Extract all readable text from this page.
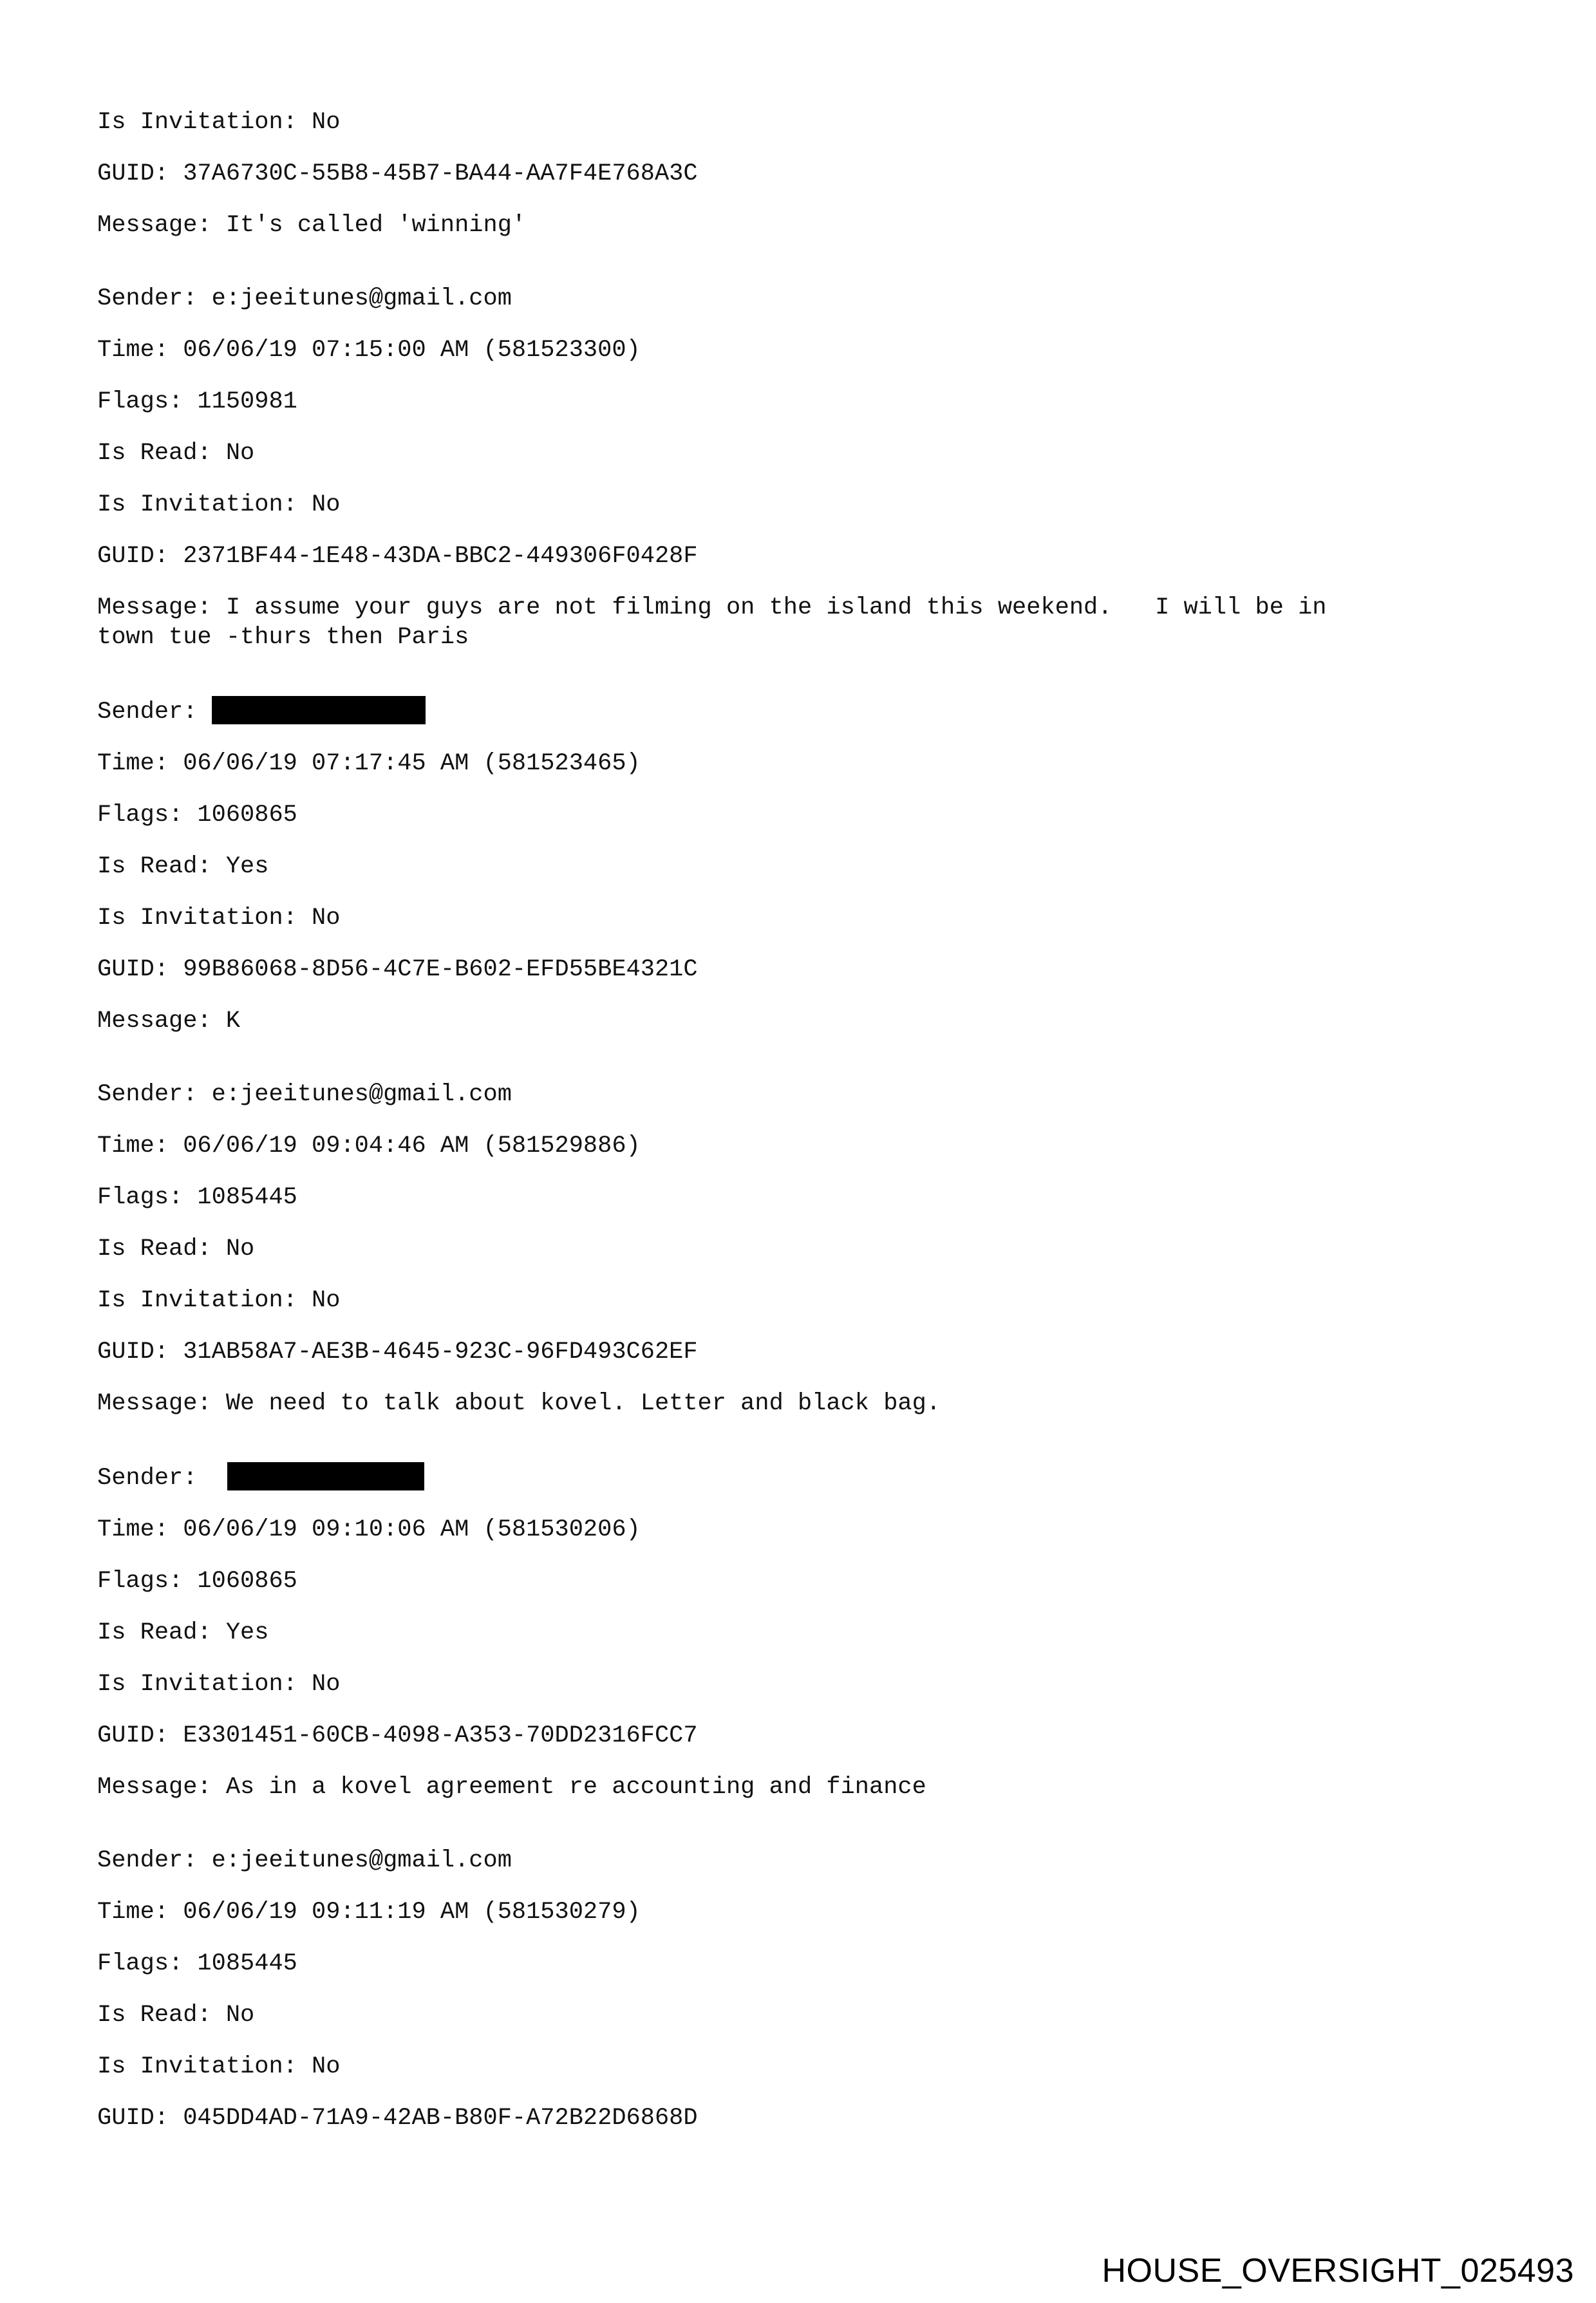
Is Invitation: No

GUID: 37A6730C-55B8-45B7-BA44-AA7F4E768A3C

Message: It's called 'winning'

Sender: e:jeeitunes@gmail.com

Time: 06/06/19 07:15:00 AM (581523300)

Flags: 1150981

Is Read: No

Is Invitation: No

GUID: 2371BF44-1E48-43DA-BBC2-449306F0428F

Message: I assume your guys are not filming on the island this weekend.   I will be in
town tue -thurs then Paris

Sender:

Time: 06/06/19 07:17:45 AM (581523465)

Flags: 1060865

Is Read: Yes

Is Invitation: No

GUID: 99B86068-8D56-4C7E-B602-EFD55BE4321C

Message: K

Sender: e:jeeitunes@gmail.com

Time: 06/06/19 09:04:46 AM (581529886)

Flags: 1085445

Is Read: No

Is Invitation: No

GUID: 31AB58A7-AE3B-4645-923C-96FD493C62EF

Message: We need to talk about kovel. Letter and black bag.

Sender:

Time: 06/06/19 09:10:06 AM (581530206)

Flags: 1060865

Is Read: Yes

Is Invitation: No

GUID: E3301451-60CB-4098-A353-70DD2316FCC7

Message: As in a kovel agreement re accounting and finance

Sender: e:jeeitunes@gmail.com

Time: 06/06/19 09:11:19 AM (581530279)

Flags: 1085445

Is Read: No

Is Invitation: No

GUID: 045DD4AD-71A9-42AB-B80F-A72B22D6868D

HOUSE_OVERSIGHT_025493
